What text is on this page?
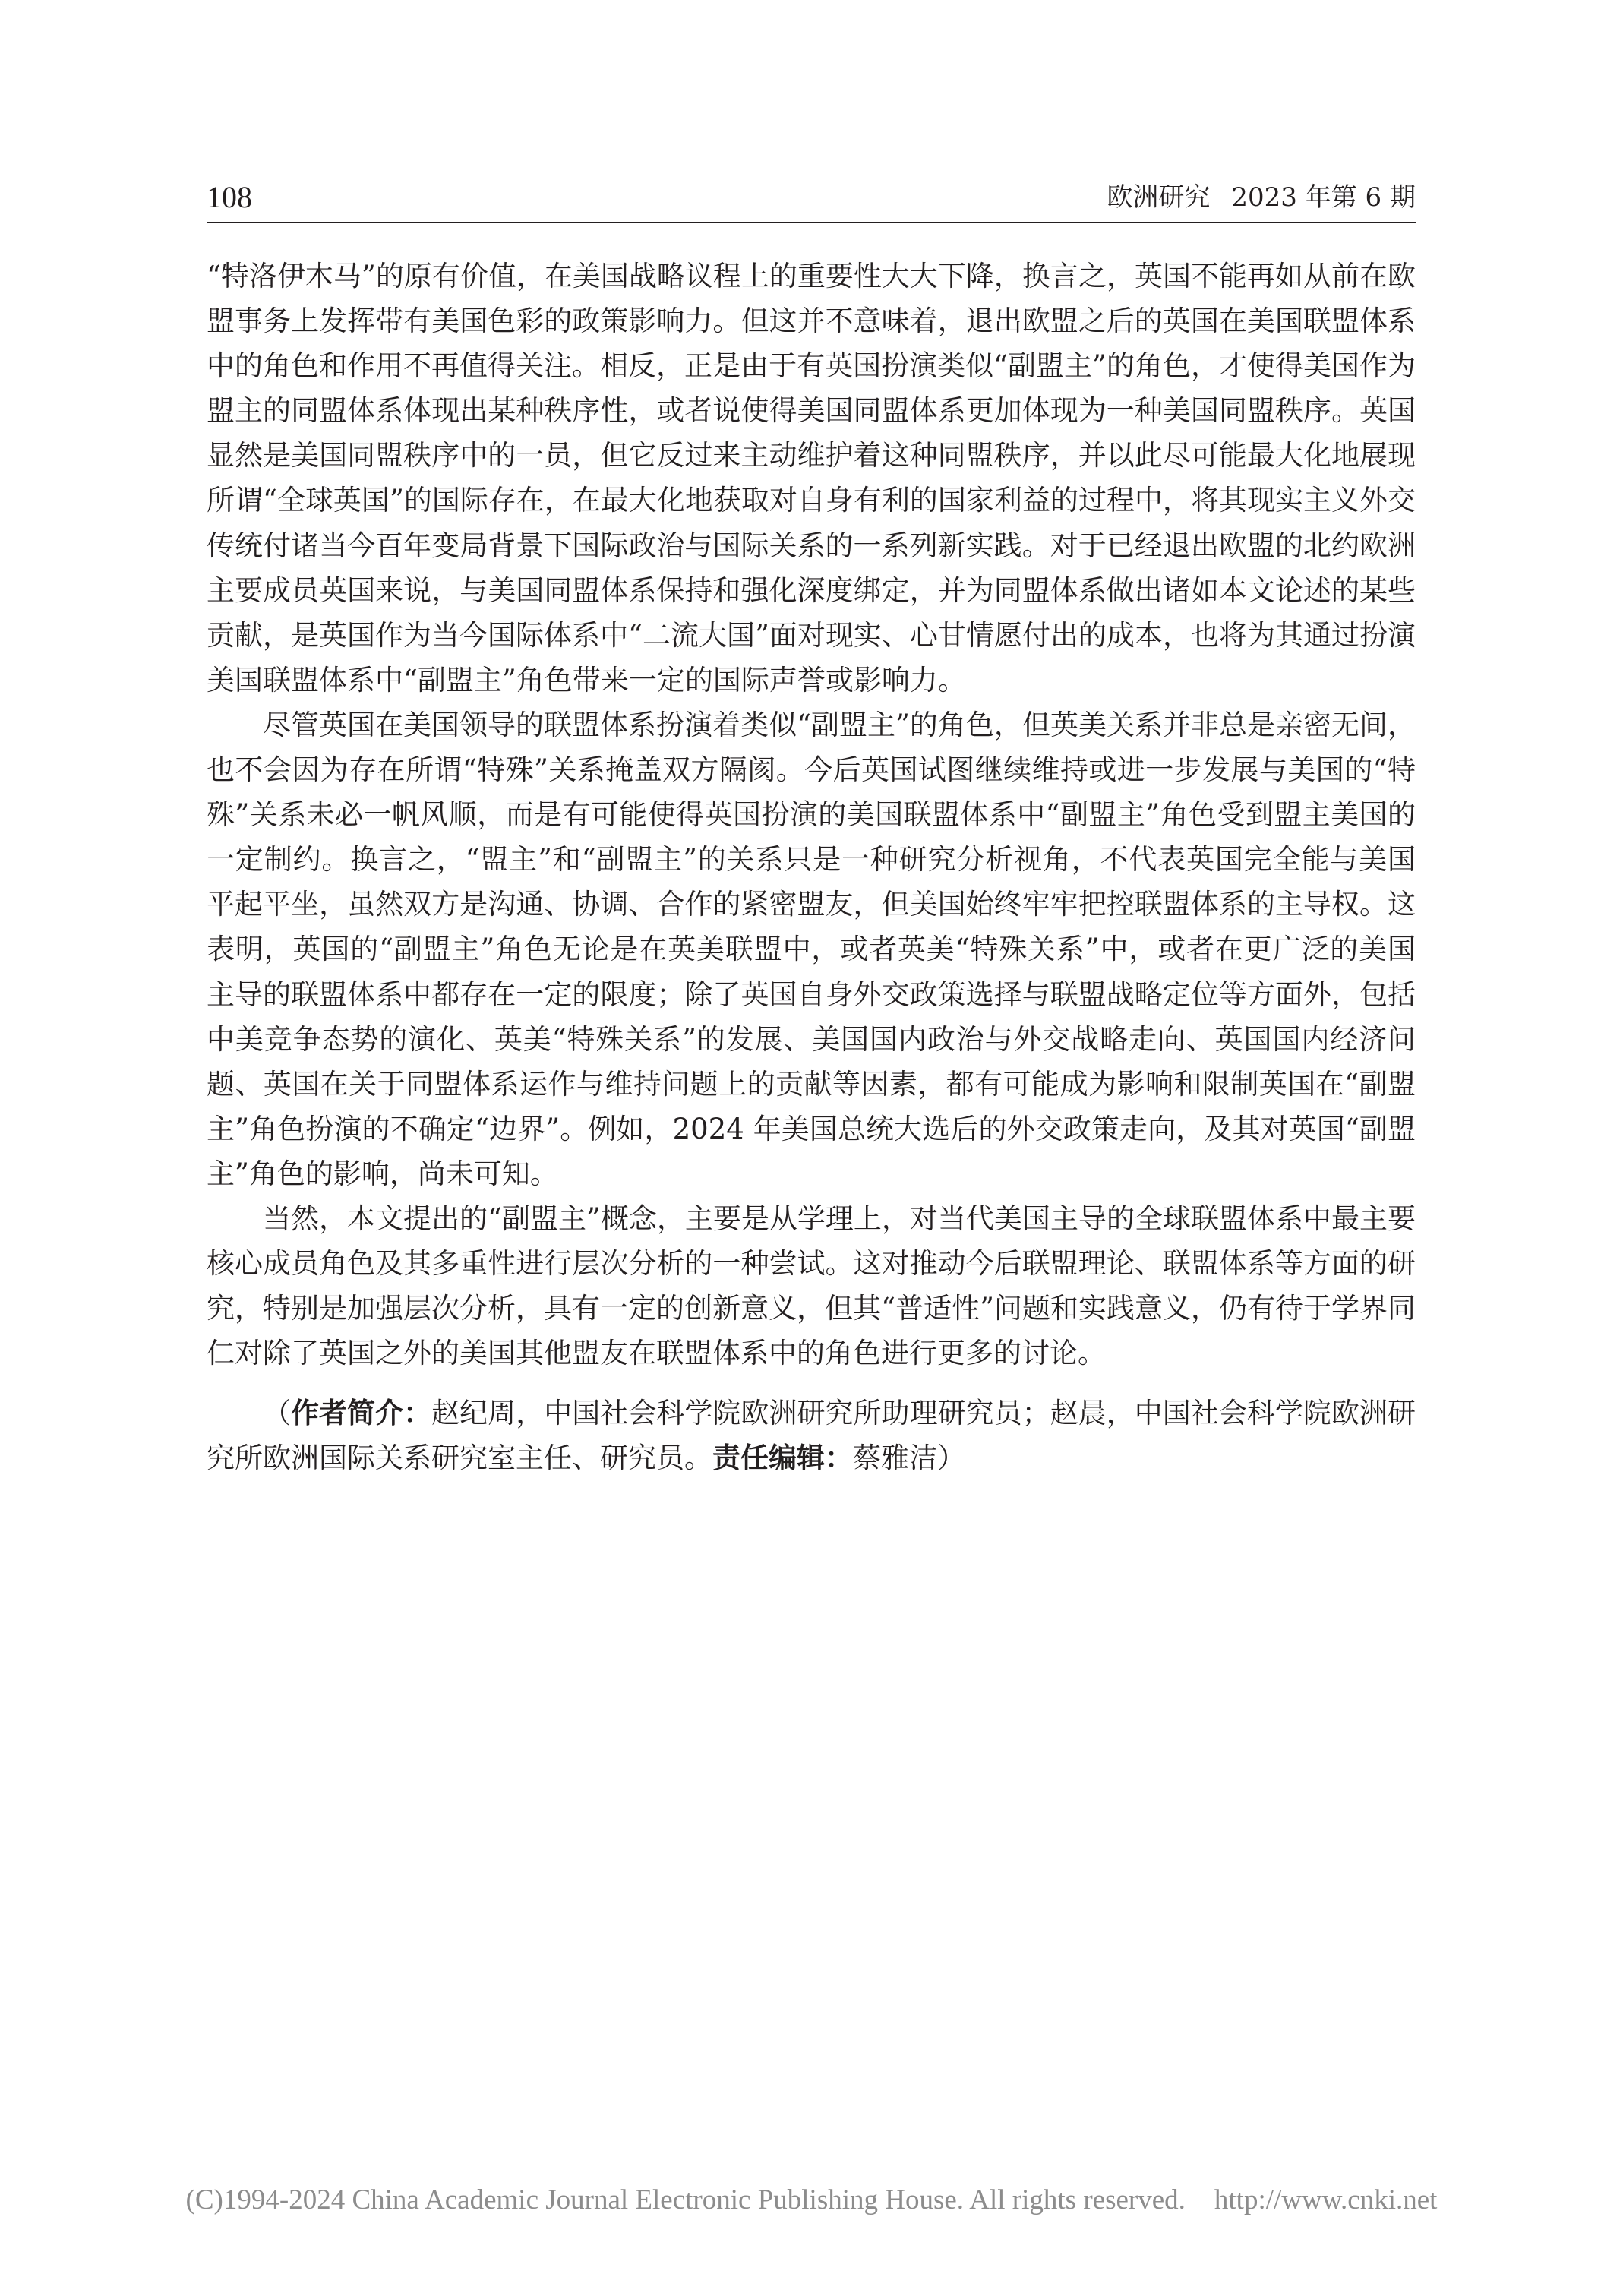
108	欧洲研究 2023 年第 6 期

“特洛伊木马”的原有价值，在美国战略议程上的重要性大大下降，换言之，英国不能再如从前在欧盟事务上发挥带有美国色彩的政策影响力。但这并不意味着，退出欧盟之后的英国在美国联盟体系中的角色和作用不再值得关注。相反，正是由于有英国扮演类似“副盟主”的角色，才使得美国作为盟主的同盟体系体现出某种秩序性，或者说使得美国同盟体系更加体现为一种美国同盟秩序。英国显然是美国同盟秩序中的一员，但它反过来主动维护着这种同盟秩序，并以此尽可能最大化地展现所谓“全球英国”的国际存在，在最大化地获取对自身有利的国家利益的过程中，将其现实主义外交传统付诸当今百年变局背景下国际政治与国际关系的一系列新实践。对于已经退出欧盟的北约欧洲主要成员英国来说，与美国同盟体系保持和强化深度绑定，并为同盟体系做出诸如本文论述的某些贡献，是英国作为当今国际体系中“二流大国”面对现实、心甘情愿付出的成本，也将为其通过扮演美国联盟体系中“副盟主”角色带来一定的国际声誉或影响力。

尽管英国在美国领导的联盟体系扮演着类似“副盟主”的角色，但英美关系并非总是亲密无间，也不会因为存在所谓“特殊”关系掩盖双方隔阂。今后英国试图继续维持或进一步发展与美国的“特殊”关系未必一帆风顺，而是有可能使得英国扮演的美国联盟体系中“副盟主”角色受到盟主美国的一定制约。换言之，“盟主”和“副盟主”的关系只是一种研究分析视角，不代表英国完全能与美国平起平坐，虽然双方是沟通、协调、合作的紧密盟友，但美国始终牢牢把控联盟体系的主导权。这表明，英国的“副盟主”角色无论是在英美联盟中，或者英美“特殊关系”中，或者在更广泛的美国主导的联盟体系中都存在一定的限度；除了英国自身外交政策选择与联盟战略定位等方面外，包括中美竞争态势的演化、英美“特殊关系”的发展、美国国内政治与外交战略走向、英国国内经济问题、英国在关于同盟体系运作与维持问题上的贡献等因素，都有可能成为影响和限制英国在“副盟主”角色扮演的不确定“边界”。例如，2024 年美国总统大选后的外交政策走向，及其对英国“副盟主”角色的影响，尚未可知。

当然，本文提出的“副盟主”概念，主要是从学理上，对当代美国主导的全球联盟体系中最主要核心成员角色及其多重性进行层次分析的一种尝试。这对推动今后联盟理论、联盟体系等方面的研究，特别是加强层次分析，具有一定的创新意义，但其“普适性”问题和实践意义，仍有待于学界同仁对除了英国之外的美国其他盟友在联盟体系中的角色进行更多的讨论。

（作者简介：赵纪周，中国社会科学院欧洲研究所助理研究员；赵晨，中国社会科学院欧洲研究所欧洲国际关系研究室主任、研究员。责任编辑：蔡雅洁）

(C)1994-2024 China Academic Journal Electronic Publishing House. All rights reserved. http://www.cnki.net
